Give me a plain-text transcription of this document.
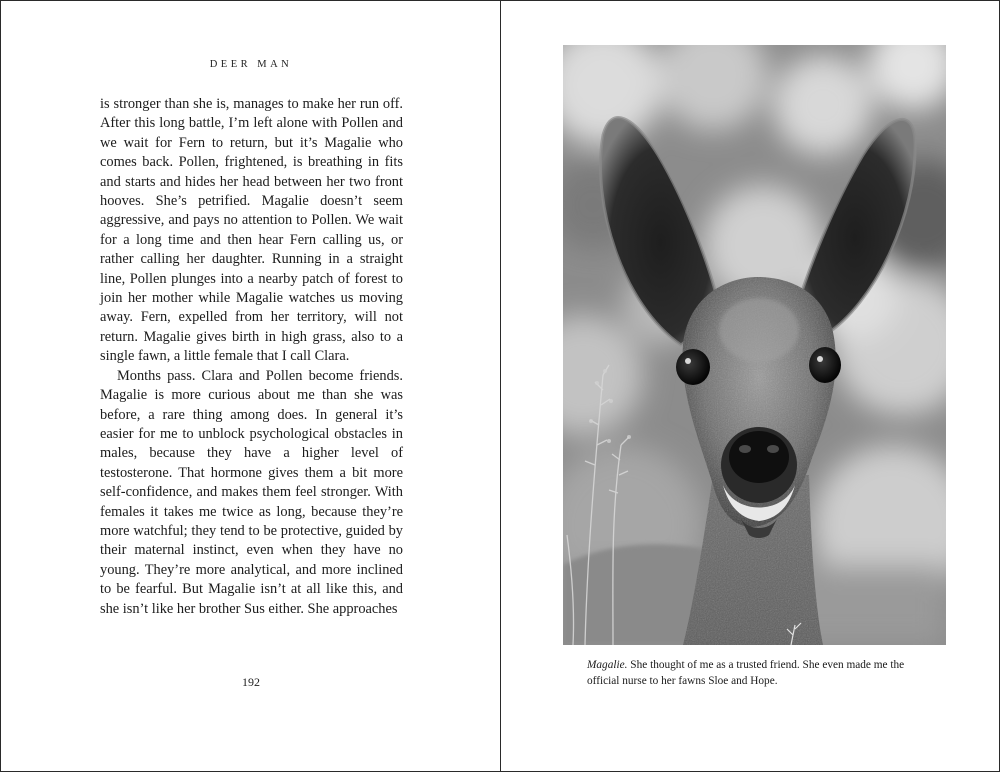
DEER MAN

is stronger than she is, manages to make her run off. After this long battle, I’m left alone with Pollen and we wait for Fern to return, but it’s Magalie who comes back. Pollen, frightened, is breathing in fits and starts and hides her head between her two front hooves. She’s petrified. Magalie doesn’t seem aggressive, and pays no attention to Pollen. We wait for a long time and then hear Fern calling us, or rather calling her daughter. Running in a straight line, Pollen plunges into a nearby patch of forest to join her mother while Magalie watches us moving away. Fern, expelled from her territory, will not return. Magalie gives birth in high grass, also to a single fawn, a little female that I call Clara.

Months pass. Clara and Pollen become friends. Magalie is more curious about me than she was before, a rare thing among does. In general it’s easier for me to unblock psychological obstacles in males, because they have a higher level of testosterone. That hormone gives them a bit more self-confidence, and makes them feel stronger. With females it takes me twice as long, because they’re more watchful; they tend to be protective, guided by their maternal instinct, even when they have no young. They’re more analytical, and more inclined to be fearful. But Magalie isn’t at all like this, and she isn’t like her brother Sus either. She approaches

192
Magalie. She thought of me as a trusted friend. She even made me the official nurse to her fawns Sloe and Hope.
